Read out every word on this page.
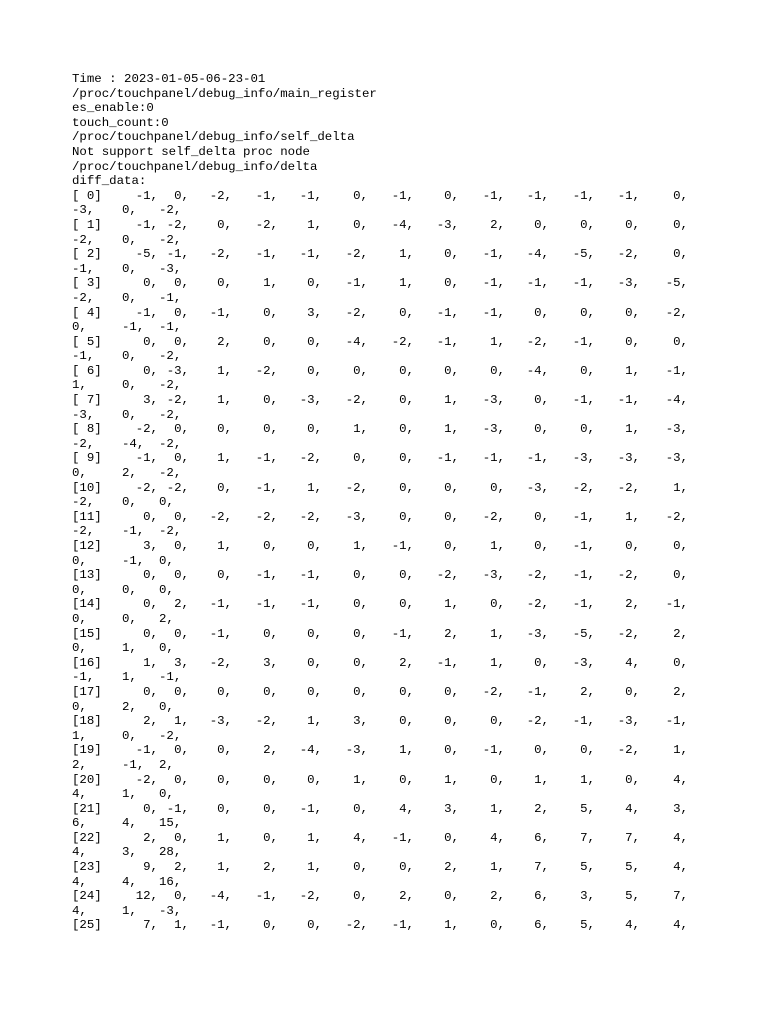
Time : 2023-01-05-06-23-01
/proc/touchpanel/debug_info/main_register
es_enable:0
touch_count:0
/proc/touchpanel/debug_info/self_delta
Not support self_delta proc node
/proc/touchpanel/debug_info/delta
diff_data:
[ 0]	-1,	0,	-2,	-1,	-1,	0,	-1,	0,	-1,	-1,	-1,	-1,	0,
-3, 0, -2,
[ 1]	-1, -2,	0,	-2,	1,	0,	-4,	-3,	2,	0,	0,	0,	0,
-2, 0, -2,
[ 2]	-5, -1,	-2,	-1,	-1,	-2,	1,	0,	-1,	-4,	-5,	-2,	0,
-1, 0, -3,
[ 3]	0,	0,	0,	1,	0,	-1,	1,	0,	-1,	-1,	-1,	-3,	-5,
-2, 0, -1,
[ 4]	-1,	0,	-1,	0,	3,	-2,	0,	-1,	-1,	0,	0,	0,	-2,
0,	-1, -1,
[ 5]	0,	0,	2,	0,	0,	-4,	-2,	-1,	1,	-2,	-1,	0,	0,
-1, 0, -2,
[ 6]	0, -3,	1,	-2,	0,	0,	0,	0,	0,	-4,	0,	1,	-1,
1,	0, -2,
[ 7]	3, -2,	1,	0,	-3,	-2,	0,	1,	-3,	0,	-1,	-1,	-4,
-3, 0, -2,
[ 8]	-2,	0,	0,	0,	0,	1,	0,	1,	-3,	0,	0,	1,	-3,
-2, -4, -2,
[ 9]	-1,	0,	1,	-1,	-2,	0,	0,	-1,	-1,	-1,	-3,	-3,	-3,
0,	2, -2,
[10]	-2, -2,	0,	-1,	1,	-2,	0,	0,	0,	-3,	-2,	-2,	1,
-2, 0, 0,
[11]	0,	0,	-2,	-2,	-2,	-3,	0,	0,	-2,	0,	-1,	1,	-2,
-2, -1, -2,
[12]	3,	0,	1,	0,	0,	1,	-1,	0,	1,	0,	-1,	0,	0,
0,	-1, 0,
[13]	0,	0,	0,	-1,	-1,	0,	0,	-2,	-3,	-2,	-1,	-2,	0,
0,	0, 0,
[14]	0,	2,	-1,	-1,	-1,	0,	0,	1,	0,	-2,	-1,	2,	-1,
0,	0, 2,
[15]	0,	0,	-1,	0,	0,	0,	-1,	2,	1,	-3,	-5,	-2,	2,
0,	1, 0,
[16]	1,	3,	-2,	3,	0,	0,	2,	-1,	1,	0,	-3,	4,	0,
-1, 1, -1,
[17]	0,	0,	0,	0,	0,	0,	0,	0,	-2,	-1,	2,	0,	2,
0,	2, 0,
[18]	2,	1,	-3,	-2,	1,	3,	0,	0,	0,	-2,	-1,	-3,	-1,
1,	0, -2,
[19]	-1,	0,	0,	2,	-4,	-3,	1,	0,	-1,	0,	0,	-2,	1,
2,	-1, 2,
[20]	-2,	0,	0,	0,	0,	1,	0,	1,	0,	1,	1,	0,	4,
4,	1, 0,
[21]	0, -1,	0,	0,	-1,	0,	4,	3,	1,	2,	5,	4,	3,
6,	4, 15,
[22]	2,	0,	1,	0,	1,	4,	-1,	0,	4,	6,	7,	7,	4,
4,	3, 28,
[23]	9,	2,	1,	2,	1,	0,	0,	2,	1,	7,	5,	5,	4,
4,	4, 16,
[24]	12,	0,	-4,	-1,	-2,	0,	2,	0,	2,	6,	3,	5,	7,
4,	1, -3,
[25]	7,	1,	-1,	0,	0,	-2,	-1,	1,	0,	6,	5,	4,	4,
